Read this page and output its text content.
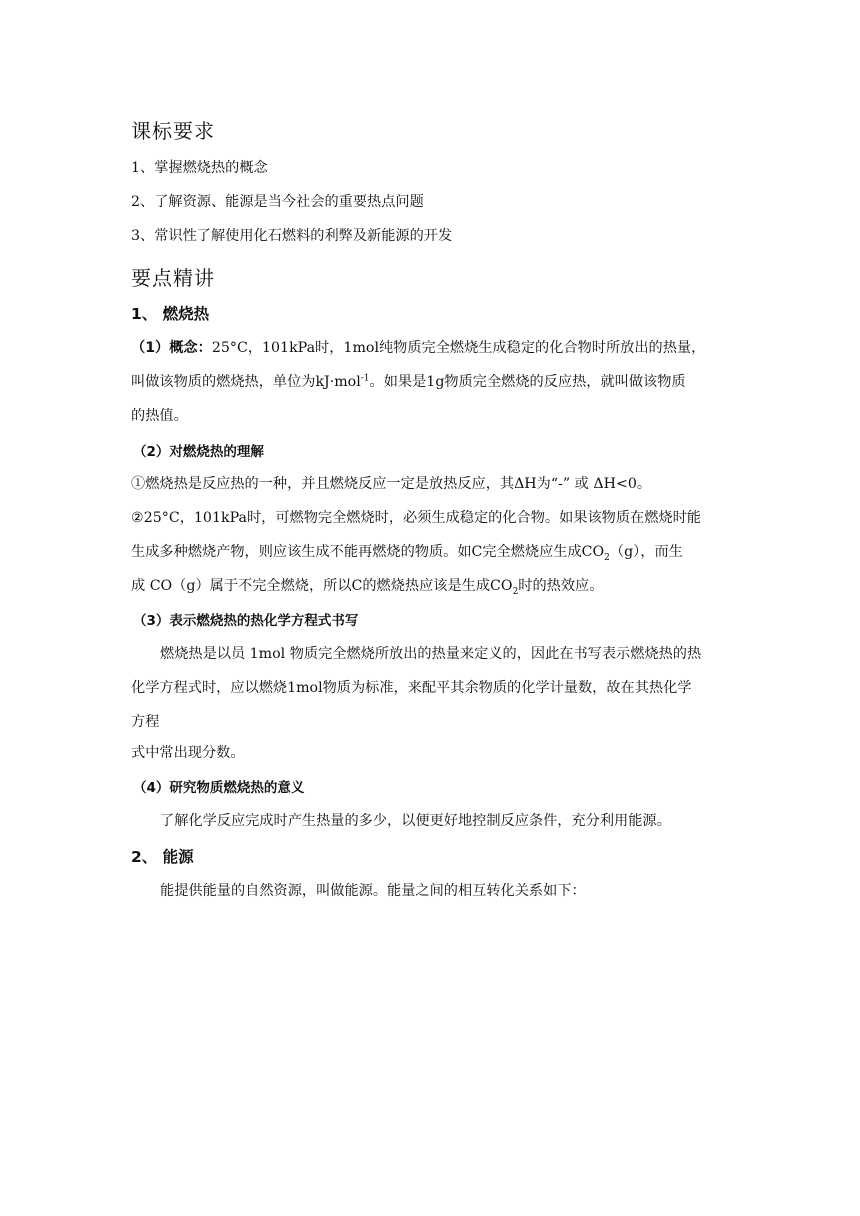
课标要求
1、掌握燃烧热的概念
2、了解资源、能源是当今社会的重要热点问题
3、常识性了解使用化石燃料的利弊及新能源的开发
要点精讲
1、 燃烧热
（1）概念：25°C，101kPa时，1mol纯物质完全燃烧生成稳定的化合物时所放出的热量，
叫做该物质的燃烧热，单位为kJ·mol$^{-1}$。如果是1g物质完全燃烧的反应热，就叫做该物质
的热值。
（2）对燃烧热的理解
①燃烧热是反应热的一种，并且燃烧反应一定是放热反应，其ΔH为“-” 或 ΔH<0。
②25°C，101kPa时，可燃物完全燃烧时，必须生成稳定的化合物。如果该物质在燃烧时能
生成多种燃烧产物，则应该生成不能再燃烧的物质。如C完全燃烧应生成$CO_2(g)$，而生
成 CO（g）属于不完全燃烧，所以C的燃烧热应该是生成$CO_2$时的热效应。
（3）表示燃烧热的热化学方程式书写
燃烧热是以员 1mol 物质完全燃烧所放出的热量来定义的，因此在书写表示燃烧热的热
化学方程式时，应以燃烧1mol物质为标准，来配平其余物质的化学计量数，故在其热化学
方程
式中常出现分数。
（4）研究物质燃烧热的意义
了解化学反应完成时产生热量的多少，以便更好地控制反应条件，充分利用能源。
2、 能源
能提供能量的自然资源，叫做能源。能量之间的相互转化关系如下：
